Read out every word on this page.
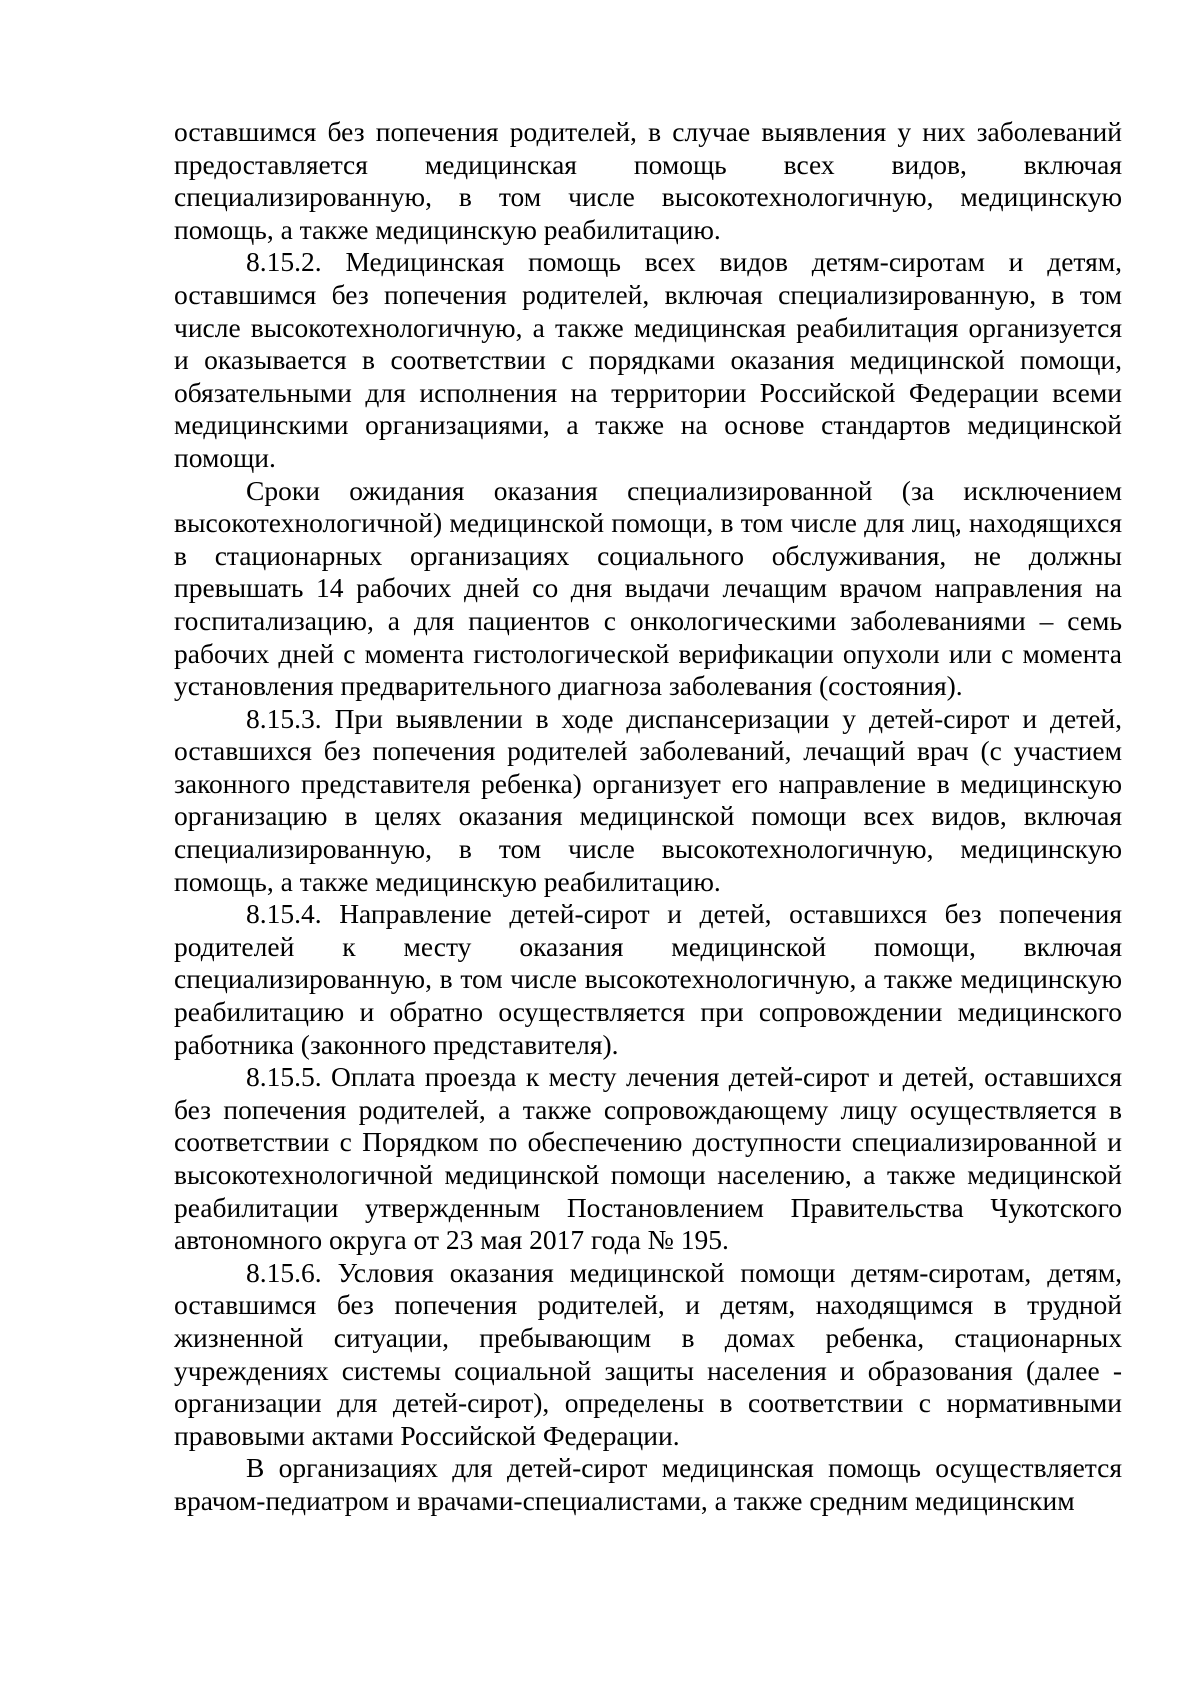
оставшимся без попечения родителей, в случае выявления у них заболеваний предоставляется медицинская помощь всех видов, включая специализированную, в том числе высокотехнологичную, медицинскую помощь, а также медицинскую реабилитацию.

8.15.2. Медицинская помощь всех видов детям-сиротам и детям, оставшимся без попечения родителей, включая специализированную, в том числе высокотехнологичную, а также медицинская реабилитация организуется и оказывается в соответствии с порядками оказания медицинской помощи, обязательными для исполнения на территории Российской Федерации всеми медицинскими организациями, а также на основе стандартов медицинской помощи.

Сроки ожидания оказания специализированной (за исключением высокотехнологичной) медицинской помощи, в том числе для лиц, находящихся в стационарных организациях социального обслуживания, не должны превышать 14 рабочих дней со дня выдачи лечащим врачом направления на госпитализацию, а для пациентов с онкологическими заболеваниями – семь рабочих дней с момента гистологической верификации опухоли или с момента установления предварительного диагноза заболевания (состояния).

8.15.3. При выявлении в ходе диспансеризации у детей-сирот и детей, оставшихся без попечения родителей заболеваний, лечащий врач (с участием законного представителя ребенка) организует его направление в медицинскую организацию в целях оказания медицинской помощи всех видов, включая специализированную, в том числе высокотехнологичную, медицинскую помощь, а также медицинскую реабилитацию.

8.15.4. Направление детей-сирот и детей, оставшихся без попечения родителей к месту оказания медицинской помощи, включая специализированную, в том числе высокотехнологичную, а также медицинскую реабилитацию и обратно осуществляется при сопровождении медицинского работника (законного представителя).

8.15.5. Оплата проезда к месту лечения детей-сирот и детей, оставшихся без попечения родителей, а также сопровождающему лицу осуществляется в соответствии с Порядком по обеспечению доступности специализированной и высокотехнологичной медицинской помощи населению, а также медицинской реабилитации утвержденным Постановлением Правительства Чукотского автономного округа от 23 мая 2017 года № 195.

8.15.6. Условия оказания медицинской помощи детям-сиротам, детям, оставшимся без попечения родителей, и детям, находящимся в трудной жизненной ситуации, пребывающим в домах ребенка, стационарных учреждениях системы социальной защиты населения и образования (далее - организации для детей-сирот), определены в соответствии с нормативными правовыми актами Российской Федерации.

В организациях для детей-сирот медицинская помощь осуществляется врачом-педиатром и врачами-специалистами, а также средним медицинским
